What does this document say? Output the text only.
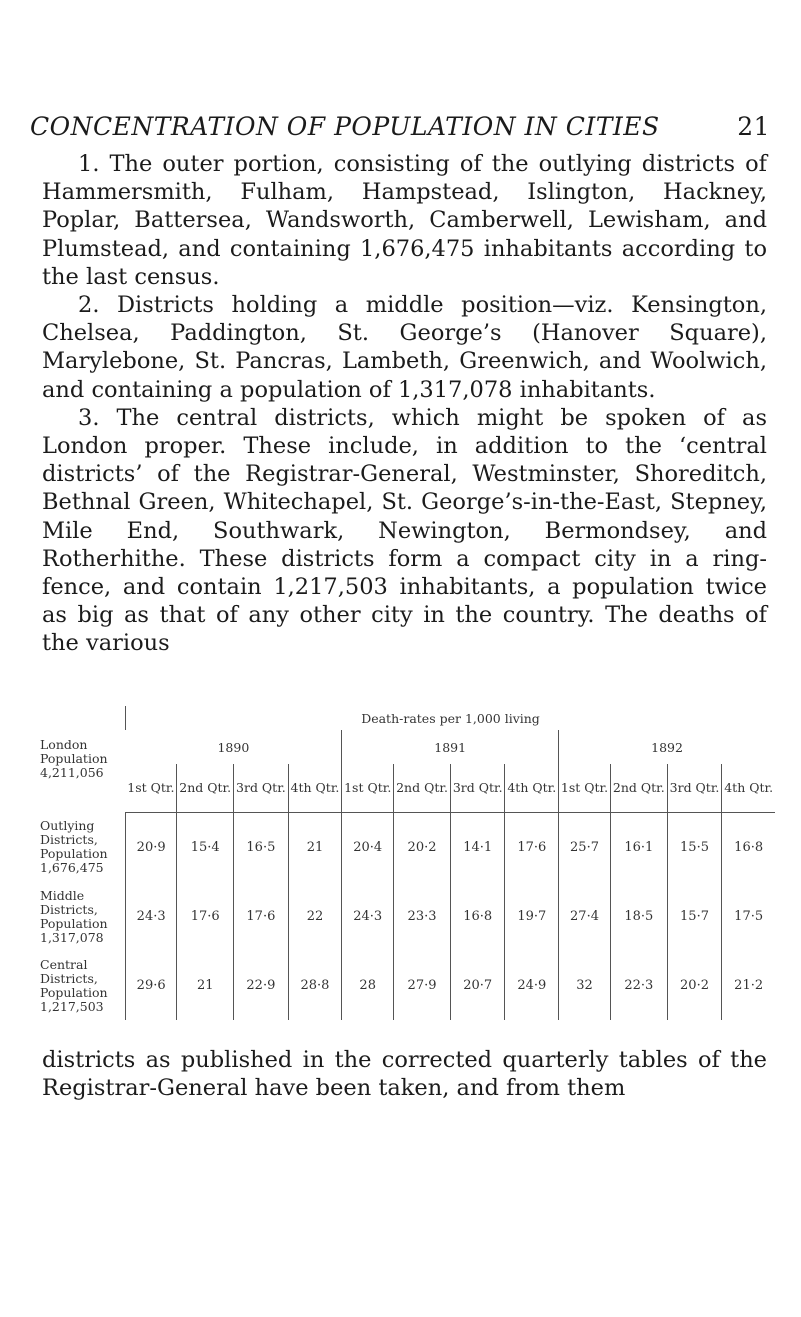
CONCENTRATION OF POPULATION IN CITIES	21

1. The outer portion, consisting of the outlying districts of Hammersmith, Fulham, Hampstead, Islington, Hackney, Poplar, Battersea, Wandsworth, Camberwell, Lewisham, and Plumstead, and containing 1,676,475 inhabitants according to the last census.

2. Districts holding a middle position—viz. Kensington, Chelsea, Paddington, St. George’s (Hanover Square), Marylebone, St. Pancras, Lambeth, Greenwich, and Woolwich, and containing a population of 1,317,078 inhabitants.

3. The central districts, which might be spoken of as London proper. These include, in addition to the ‘central districts’ of the Registrar-General, Westminster, Shoreditch, Bethnal Green, Whitechapel, St. George’s-in-the-East, Stepney, Mile End, Southwark, Newington, Bermondsey, and Rotherhithe. These districts form a compact city in a ring-fence, and contain 1,217,503 inhabitants, a population twice as big as that of any other city in the country. The deaths of the various

London Population 4,211,056	Death-rates per 1,000 living											
	1890				1891				1892			
	1st Qtr.	2nd Qtr.	3rd Qtr.	4th Qtr.	1st Qtr.	2nd Qtr.	3rd Qtr.	4th Qtr.	1st Qtr.	2nd Qtr.	3rd Qtr.	4th Qtr.
Outlying Districts, Population 1,676,475	20·9	15·4	16·5	21	20·4	20·2	14·1	17·6	25·7	16·1	15·5	16·8
Middle Districts, Population 1,317,078	24·3	17·6	17·6	22	24·3	23·3	16·8	19·7	27·4	18·5	15·7	17·5
Central Districts, Population 1,217,503	29·6	21	22·9	28·8	28	27·9	20·7	24·9	32	22·3	20·2	21·2

districts as published in the corrected quarterly tables of the Registrar-General have been taken, and from them
